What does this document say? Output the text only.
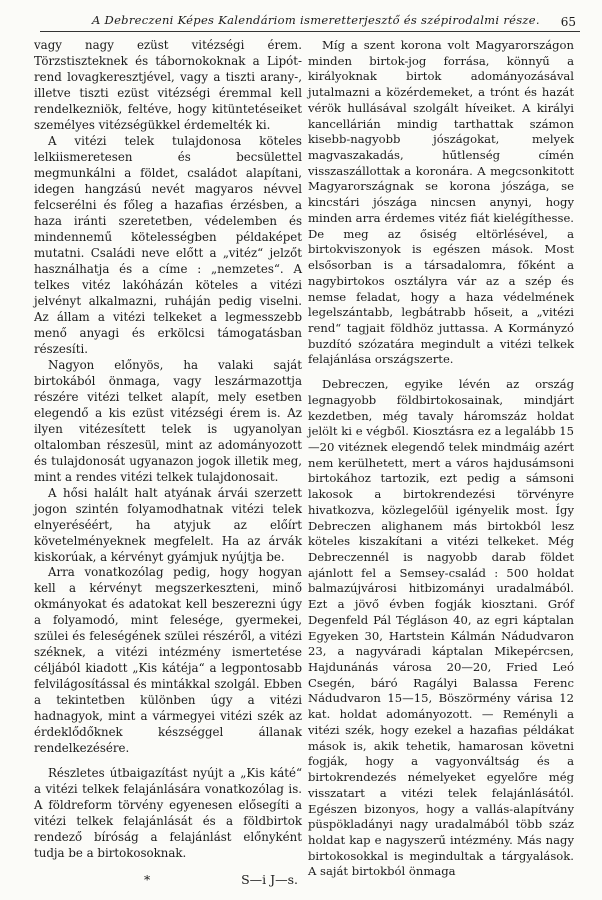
A Debreczeni Képes Kalendáriom ismeretterjesztő és szépirodalmi része. 65

vagy nagy ezüst vitézségi érem. Törzstiszteknek és tábornokoknak a Lipót-rend lovagkeresztjével, vagy a tiszti arany-, illetve tiszti ezüst vitézségi éremmal kell rendelkezniök, feltéve, hogy kitüntetéseiket személyes vitézségükkel érdemelték ki.

A vitézi telek tulajdonosa köteles lelkiismeretesen és becsülettel megmunkálni a földet, családot alapítani, idegen hangzású nevét magyaros névvel felcserélni és főleg a hazafias érzésben, a haza iránti szeretetben, védelemben és mindennemű kötelességben példaképet mutatni. Családi neve előtt a „vitéz“ jelzőt használhatja és a címe : „nemzetes“. A telkes vitéz lakóházán köteles a vitézi jelvényt alkalmazni, ruháján pedig viselni. Az állam a vitézi telkeket a legmesszebb menő anyagi és erkölcsi támogatásban részesíti.

Nagyon előnyös, ha valaki saját birtokából önmaga, vagy leszármazottja részére vitézi telket alapít, mely esetben elegendő a kis ezüst vitézségi érem is. Az ilyen vitézesített telek is ugyanolyan oltalomban részesül, mint az adományozott és tulajdonosát ugyanazon jogok illetik meg, mint a rendes vitézi telkek tulajdonosait.

A hősi halált halt atyának árvái szerzett jogon szintén folyamodhatnak vitézi telek elnyeréséért, ha atyjuk az előírt követelményeknek megfelelt. Ha az árvák kiskorúak, a kérvényt gyámjuk nyújtja be.

Arra vonatkozólag pedig, hogy hogyan kell a kérvényt megszerkeszteni, minő okmányokat és adatokat kell beszerezni úgy a folyamodó, mint felesége, gyermekei, szülei és feleségének szülei részéről, a vitézi széknek, a vitézi intézmény ismertetése céljából kiadott „Kis kátéja“ a legpontosabb felvilágosítással és mintákkal szolgál. Ebben a tekintetben különben úgy a vitézi hadnagyok, mint a vármegyei vitézi szék az érdeklődőknek készséggel állanak rendelkezésére.

Részletes útbaigazítást nyújt a „Kis káté“ a vitézi telkek felajánlására vonatkozólag is. A földreform törvény egyenesen elősegíti a vitézi telkek felajánlását és a földbirtok rendező bíróság a felajánlást előnyként tudja be a birtokosoknak.

*	S—i J—s.

Míg a szent korona volt Magyarországon minden birtok-jog forrása, könnyű a királyoknak birtok adományozásával jutalmazni a közérdemeket, a trónt és hazát vérök hullásával szolgált híveiket. A királyi kancellárián mindig tarthattak számon kisebb-nagyobb jószágokat, melyek magvaszakadás, hűtlenség címén visszaszállottak a koronára. A megcsonkitott Magyarországnak se korona jószága, se kincstári jószága nincsen anynyi, hogy minden arra érdemes vitéz fiát kielégíthesse. De meg az ősiség eltörlésével, a birtokviszonyok is egészen mások. Most elsősorban is a társadalomra, főként a nagybirtokos osztályra vár az a szép és nemse feladat, hogy a haza védelmének legelszántabb, legbátrabb hőseit, a „vitézi rend“ tagjait földhöz juttassa. A Kormányzó buzdító szózatára megindult a vitézi telkek felajánlása országszerte.

Debreczen, egyike lévén az ország legnagyobb földbirtokosainak, mindjárt kezdetben, még tavaly háromszáz holdat jelölt ki e végből. Kiosztásra ez a legalább 15—20 vitéznek elegendő telek mindmáig azért nem kerülhetett, mert a város hajdusámsoni birtokához tartozik, ezt pedig a sámsoni lakosok a birtokrendezési törvényre hivatkozva, közlegelőül igényelik most. Így Debreczen alighanem más birtokból lesz köteles kiszakítani a vitézi telkeket. Még Debreczennél is nagyobb darab földet ajánlott fel a Semsey-család : 500 holdat balmazújvárosi hitbizományi uradalmából. Ezt a jövő évben fogják kiosztani. Gróf Degenfeld Pál Tégláson 40, az egri káptalan Egyeken 30, Hartstein Kálmán Nádudvaron 23, a nagyváradi káptalan Mikepércsen, Hajdunánás városa 20—20, Fried Leó Csegén, báró Ragályi Balassa Ferenc Nádudvaron 15—15, Böszörmény várisa 12 kat. holdat adományozott. — Reményli a vitézi szék, hogy ezekel a hazafias példákat mások is, akik tehetik, hamarosan követni fogják, hogy a vagyonváltság és a birtokrendezés némelyeket egyelőre még visszatart a vitézi telek felajánlásától. Egészen bizonyos, hogy a vallás-alapítvány püspökladányi nagy uradalmából több száz holdat kap e nagyszerű intézmény. Más nagy birtokosokkal is megindultak a tárgyalások. A saját birtokból önmaga
